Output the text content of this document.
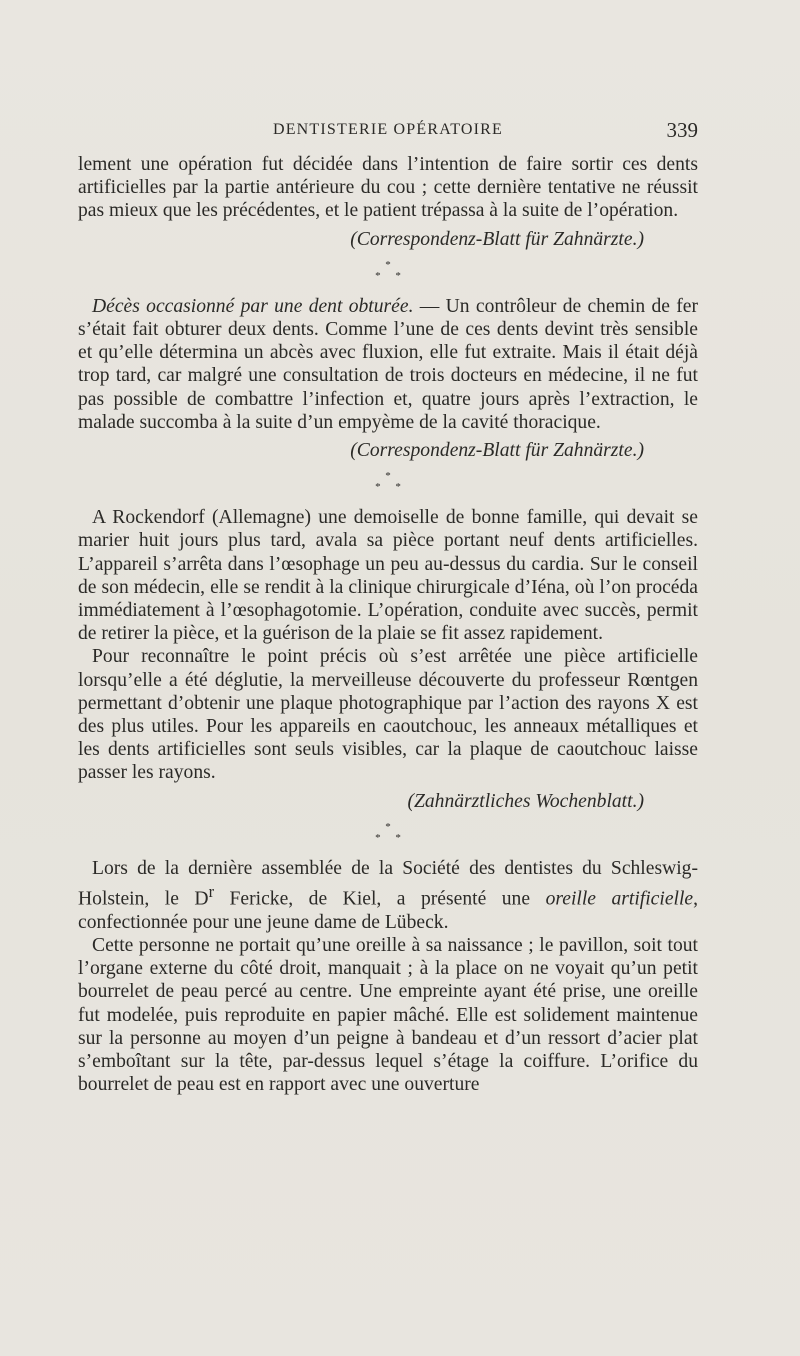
DENTISTERIE OPÉRATOIRE	339

lement une opération fut décidée dans l’intention de faire sortir ces dents artificielles par la partie antérieure du cou ; cette dernière tentative ne réussit pas mieux que les précédentes, et le patient trépassa à la suite de l’opération.

(Correspondenz-Blatt für Zahnärzte.)

*
* *

Décès occasionné par une dent obturée. — Un contrôleur de chemin de fer s’était fait obturer deux dents. Comme l’une de ces dents devint très sensible et qu’elle détermina un abcès avec fluxion, elle fut extraite. Mais il était déjà trop tard, car malgré une consultation de trois docteurs en médecine, il ne fut pas possible de combattre l’infection et, quatre jours après l’extraction, le malade succomba à la suite d’un empyème de la cavité thoracique.

(Correspondenz-Blatt für Zahnärzte.)

*
* *

A Rockendorf (Allemagne) une demoiselle de bonne famille, qui devait se marier huit jours plus tard, avala sa pièce portant neuf dents artificielles. L’appareil s’arrêta dans l’œsophage un peu au-dessus du cardia. Sur le conseil de son médecin, elle se rendit à la clinique chirurgicale d’Iéna, où l’on procéda immédiatement à l’œsophagotomie. L’opération, conduite avec succès, permit de retirer la pièce, et la guérison de la plaie se fit assez rapidement.

Pour reconnaître le point précis où s’est arrêtée une pièce artificielle lorsqu’elle a été déglutie, la merveilleuse découverte du professeur Rœntgen permettant d’obtenir une plaque photographique par l’action des rayons X est des plus utiles. Pour les appareils en caoutchouc, les anneaux métalliques et les dents artificielles sont seuls visibles, car la plaque de caoutchouc laisse passer les rayons.

(Zahnärztliches Wochenblatt.)

*
* *

Lors de la dernière assemblée de la Société des dentistes du Schleswig-Holstein, le $D^r$ Fericke, de Kiel, a présenté une oreille artificielle, confectionnée pour une jeune dame de Lübeck.

Cette personne ne portait qu’une oreille à sa naissance ; le pavillon, soit tout l’organe externe du côté droit, manquait ; à la place on ne voyait qu’un petit bourrelet de peau percé au centre. Une empreinte ayant été prise, une oreille fut modelée, puis reproduite en papier mâché. Elle est solidement maintenue sur la personne au moyen d’un peigne à bandeau et d’un ressort d’acier plat s’emboîtant sur la tête, par-dessus lequel s’étage la coiffure. L’orifice du bourrelet de peau est en rapport avec une ouverture
